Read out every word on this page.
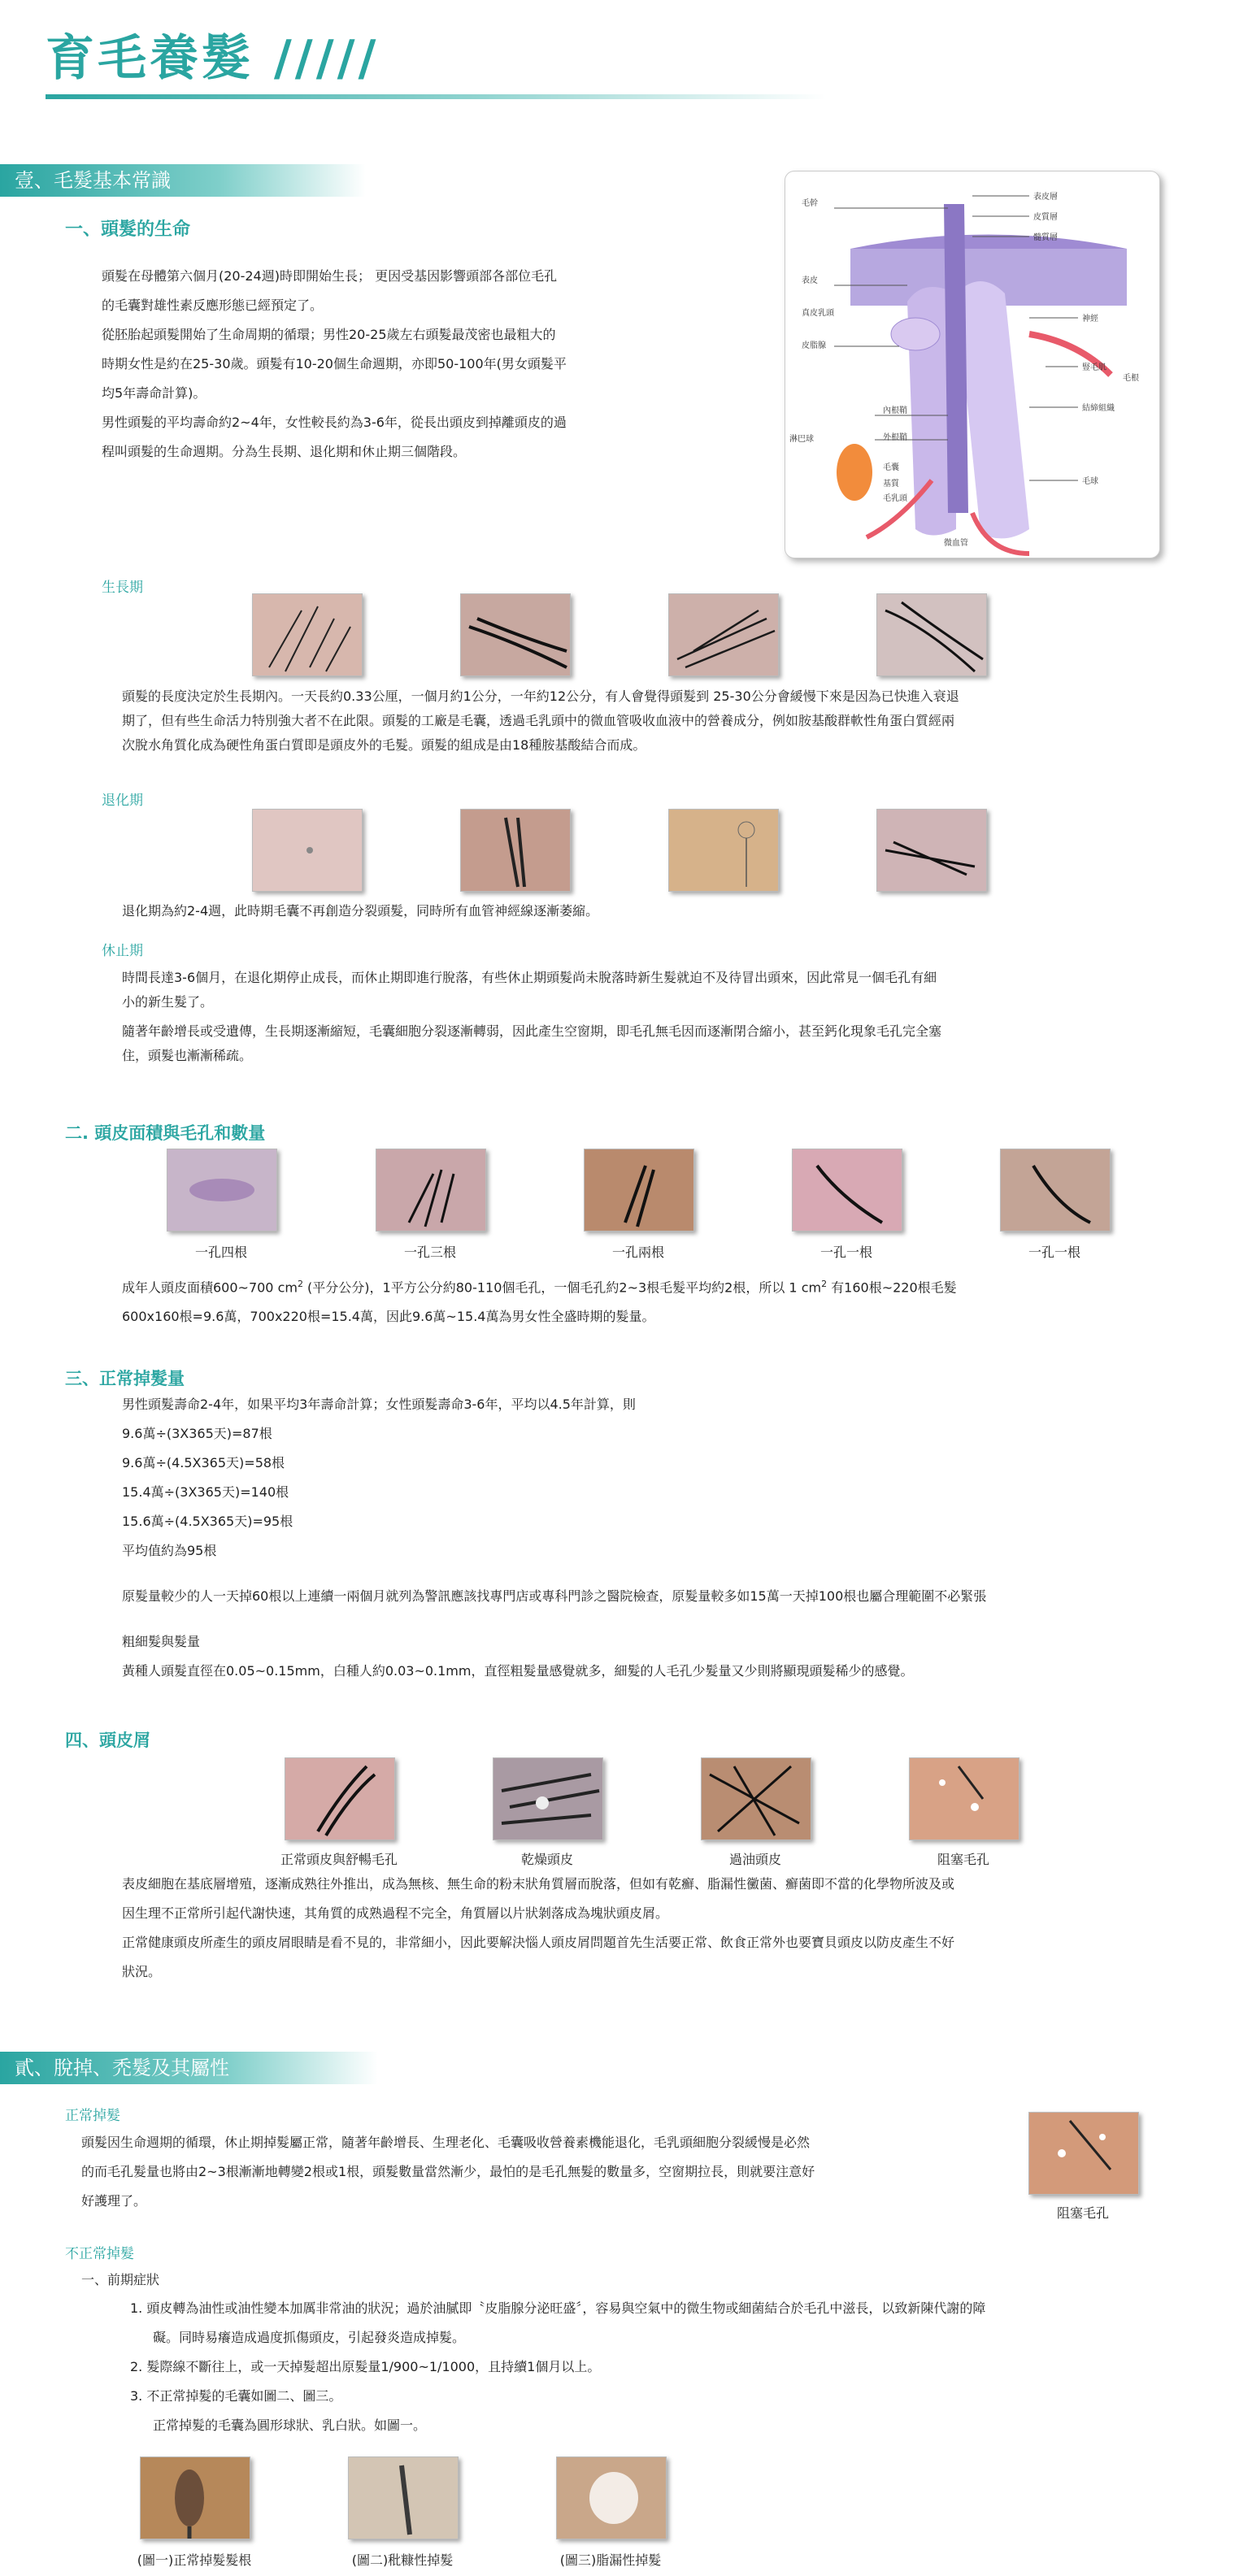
育毛養髮 /////
壹、毛髮基本常識
一、頭髮的生命
頭髮在母體第六個月(20-24週)時即開始生長； 更因受基因影響頭部各部位毛孔
的毛囊對雄性素反應形態已經預定了。
從胚胎起頭髮開始了生命周期的循環；男性20-25歲左右頭髮最茂密也最粗大的
時期女性是約在25-30歲。頭髮有10-20個生命週期，亦即50-100年(男女頭髮平
均5年壽命計算)。
男性頭髮的平均壽命約2~4年，女性較長約為3-6年，從長出頭皮到掉離頭皮的過
程叫頭髮的生命週期。分為生長期、退化期和休止期三個階段。
毛幹
表皮
真皮乳頭
皮脂腺
內根鞘
外根鞘
毛囊
基質
毛乳頭
淋巴球
表皮層
皮質層
髓質層
神經
豎毛肌
結締組織
毛根
毛球
微血管
生長期
頭髮的長度決定於生長期內。一天長約0.33公厘，一個月約1公分，一年約12公分，有人會覺得頭髮到 25-30公分會緩慢下來是因為已快進入衰退
期了，但有些生命活力特別強大者不在此限。頭髮的工廠是毛囊，透過毛乳頭中的微血管吸收血液中的營養成分，例如胺基酸群軟性角蛋白質經兩
次脫水角質化成為硬性角蛋白質即是頭皮外的毛髮。頭髮的組成是由18種胺基酸結合而成。
退化期
退化期為約2-4週，此時期毛囊不再創造分裂頭髮，同時所有血管神經線逐漸萎縮。
休止期
時間長達3-6個月，在退化期停止成長，而休止期即進行脫落，有些休止期頭髮尚未脫落時新生髮就迫不及待冒出頭來，因此常見一個毛孔有細
小的新生髮了。
隨著年齡增長或受遺傳，生長期逐漸縮短，毛囊細胞分裂逐漸轉弱，因此產生空窗期，即毛孔無毛因而逐漸閉合縮小，甚至鈣化現象毛孔完全塞
住，頭髮也漸漸稀疏。
二. 頭皮面積與毛孔和數量
一孔四根	一孔三根	一孔兩根	一孔一根	一孔一根
成年人頭皮面積600~700 $cm^2$ (平分公分)，1平方公分約80-110個毛孔，一個毛孔約2~3根毛髮平均約2根，所以 1 $cm^2$ 有160根~220根毛髮
600x160根=9.6萬，700x220根=15.4萬，因此9.6萬~15.4萬為男女性全盛時期的髮量。
三、正常掉髮量
男性頭髮壽命2-4年，如果平均3年壽命計算；女性頭髮壽命3-6年，平均以4.5年計算，則
9.6萬÷(3X365天)=87根
9.6萬÷(4.5X365天)=58根
15.4萬÷(3X365天)=140根
15.6萬÷(4.5X365天)=95根
平均值約為95根
原髮量較少的人一天掉60根以上連續一兩個月就列為警訊應該找專門店或專科門診之醫院檢查，原髮量較多如15萬一天掉100根也屬合理範圍不必緊張
粗細髮與髮量
黃種人頭髮直徑在0.05~0.15mm，白種人約0.03~0.1mm，直徑粗髮量感覺就多，細髮的人毛孔少髮量又少則將顯現頭髮稀少的感覺。
四、頭皮屑
正常頭皮與舒暢毛孔	乾燥頭皮	過油頭皮	阻塞毛孔
表皮細胞在基底層增殖，逐漸成熟往外推出，成為無核、無生命的粉末狀角質層而脫落，但如有乾癬、脂漏性黴菌、癬菌即不當的化學物所波及或
因生理不正常所引起代謝快速，其角質的成熟過程不完全，角質層以片狀剝落成為塊狀頭皮屑。
正常健康頭皮所產生的頭皮屑眼睛是看不見的，非常細小，因此要解決惱人頭皮屑問題首先生活要正常、飲食正常外也要寶貝頭皮以防皮產生不好
狀況。
貳、脫掉、禿髮及其屬性
正常掉髮
頭髮因生命週期的循環，休止期掉髮屬正常，隨著年齡增長、生理老化、毛囊吸收營養素機能退化，毛乳頭細胞分裂緩慢是必然
的而毛孔髮量也將由2~3根漸漸地轉變2根或1根，頭髮數量當然漸少，最怕的是毛孔無髮的數量多，空窗期拉長，則就要注意好
好護理了。
阻塞毛孔
不正常掉髮
一、前期症狀
1. 頭皮轉為油性或油性變本加厲非常油的狀況；過於油膩即〝皮脂腺分泌旺盛〞，容易與空氣中的微生物或細菌結合於毛孔中滋長，以致新陳代謝的障
礙。同時易癢造成過度抓傷頭皮，引起發炎造成掉髮。
2. 髮際線不斷往上，或一天掉髮超出原髮量1/900~1/1000，且持續1個月以上。
3. 不正常掉髮的毛囊如圖二、圖三。
正常掉髮的毛囊為圓形球狀、乳白狀。如圖一。
(圖一)正常掉髮髮根	(圖二)秕糠性掉髮	(圖三)脂漏性掉髮
